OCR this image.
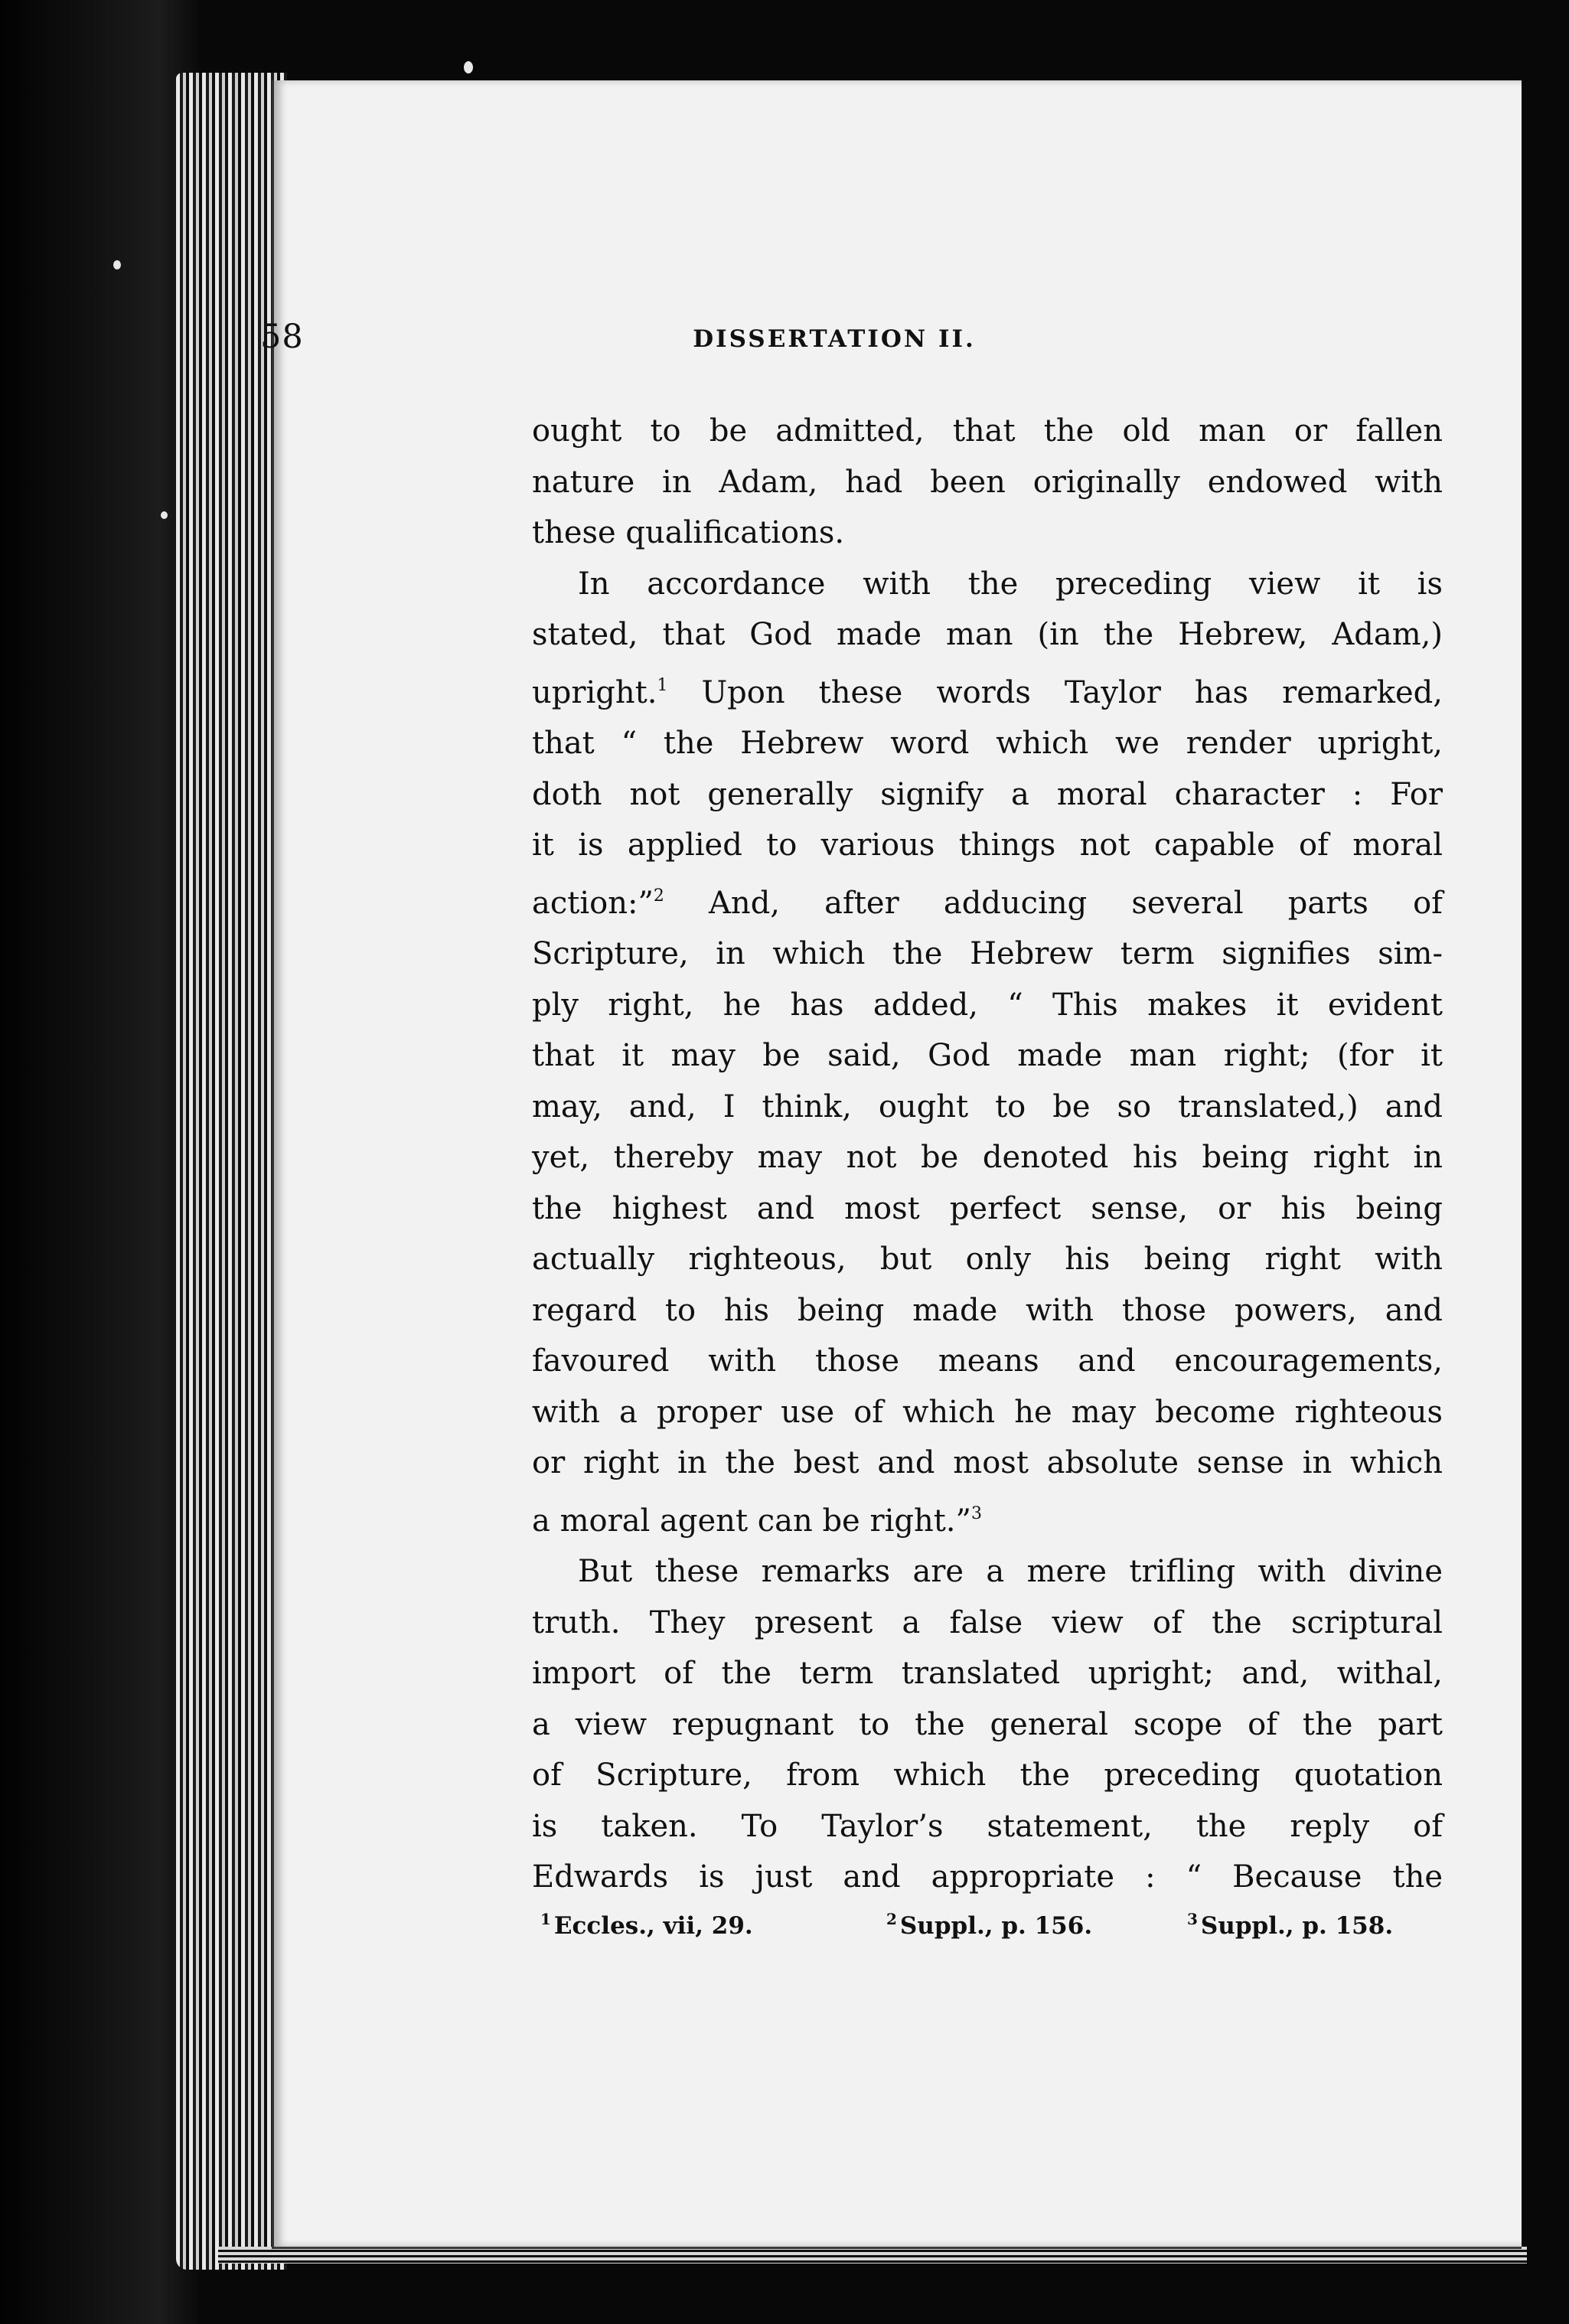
58	DISSERTATION II.
ought to be admitted, that the old man or fallen
nature in Adam, had been originally endowed with
these qualifications.
In accordance with the preceding view it is
stated, that God made man (in the Hebrew, Adam,)
upright.$^1$ Upon these words Taylor has remarked,
that “ the Hebrew word which we render upright,
doth not generally signify a moral character : For
it is applied to various things not capable of moral
action:”$^2$ And, after adducing several parts of
Scripture, in which the Hebrew term signifies sim-
ply right, he has added, “ This makes it evident
that it may be said, God made man right; (for it
may, and, I think, ought to be so translated,) and
yet, thereby may not be denoted his being right in
the highest and most perfect sense, or his being
actually righteous, but only his being right with
regard to his being made with those powers, and
favoured with those means and encouragements,
with a proper use of which he may become righteous
or right in the best and most absolute sense in which
a moral agent can be right.”$^3$
But these remarks are a mere trifling with divine
truth. They present a false view of the scriptural
import of the term translated upright; and, withal,
a view repugnant to the general scope of the part
of Scripture, from which the preceding quotation
is taken. To Taylor’s statement, the reply of
Edwards is just and appropriate : “ Because the
$^1$ Eccles., vii, 29.	$^2$ Suppl., p. 156.	$^3$ Suppl., p. 158.
